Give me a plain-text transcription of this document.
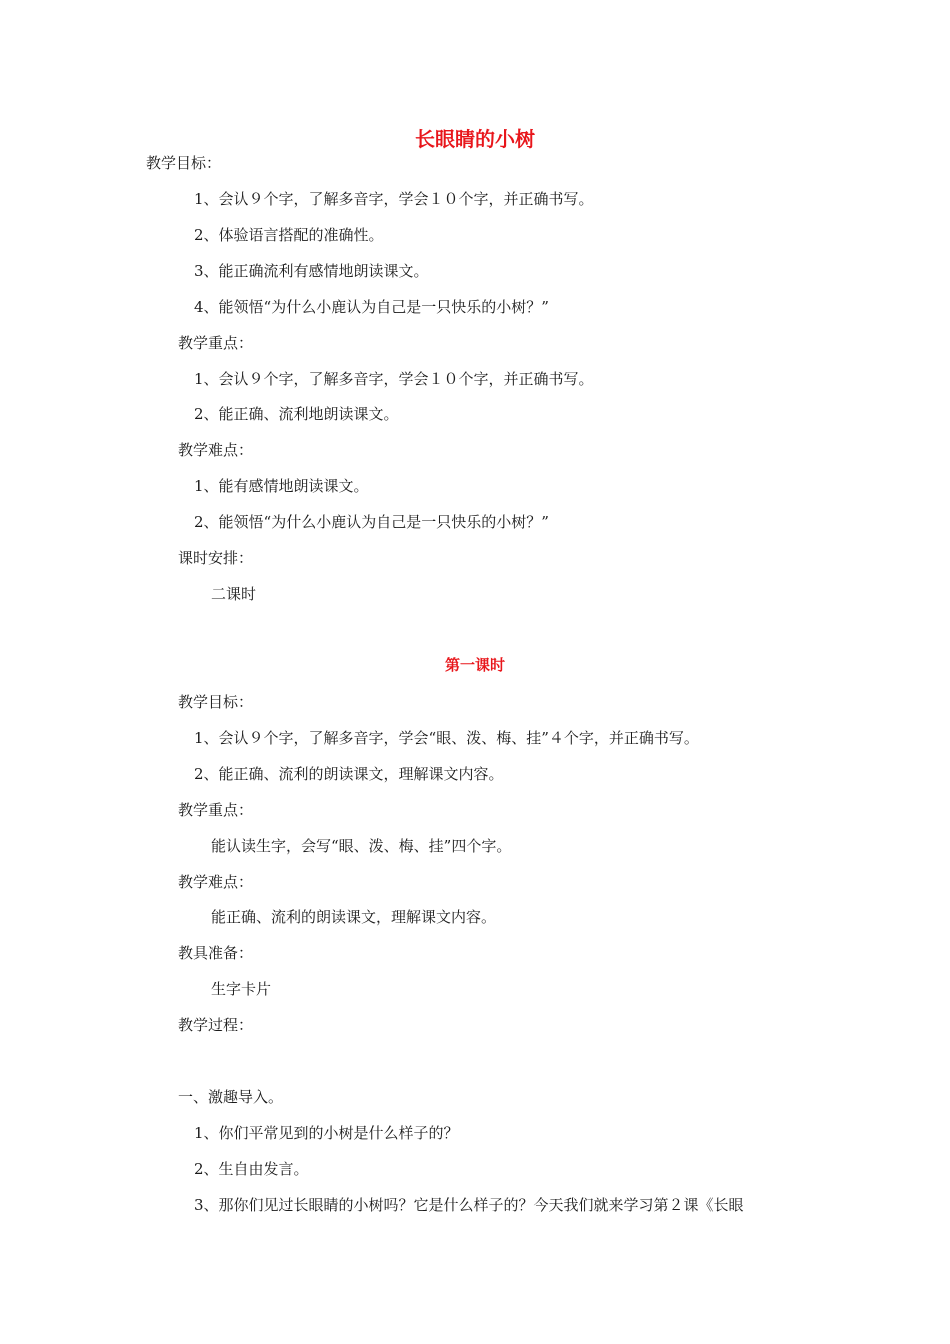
长眼睛的小树
教学目标：
1、会认９个字，了解多音字，学会１０个字，并正确书写。
2、体验语言搭配的准确性。
3、能正确流利有感情地朗读课文。
4、能领悟“为什么小鹿认为自己是一只快乐的小树？”
教学重点：
1、会认９个字，了解多音字，学会１０个字，并正确书写。
2、能正确、流利地朗读课文。
教学难点：
1、能有感情地朗读课文。
2、能领悟“为什么小鹿认为自己是一只快乐的小树？”
课时安排：
二课时
第一课时
教学目标：
1、会认９个字，了解多音字，学会“眼、泼、梅、挂”４个字，并正确书写。
2、能正确、流利的朗读课文，理解课文内容。
教学重点：
能认读生字，会写“眼、泼、梅、挂”四个字。
教学难点：
能正确、流利的朗读课文，理解课文内容。
教具准备：
生字卡片
教学过程：
一、激趣导入。
1、你们平常见到的小树是什么样子的？
2、生自由发言。
3、那你们见过长眼睛的小树吗？它是什么样子的？今天我们就来学习第２课《长眼
